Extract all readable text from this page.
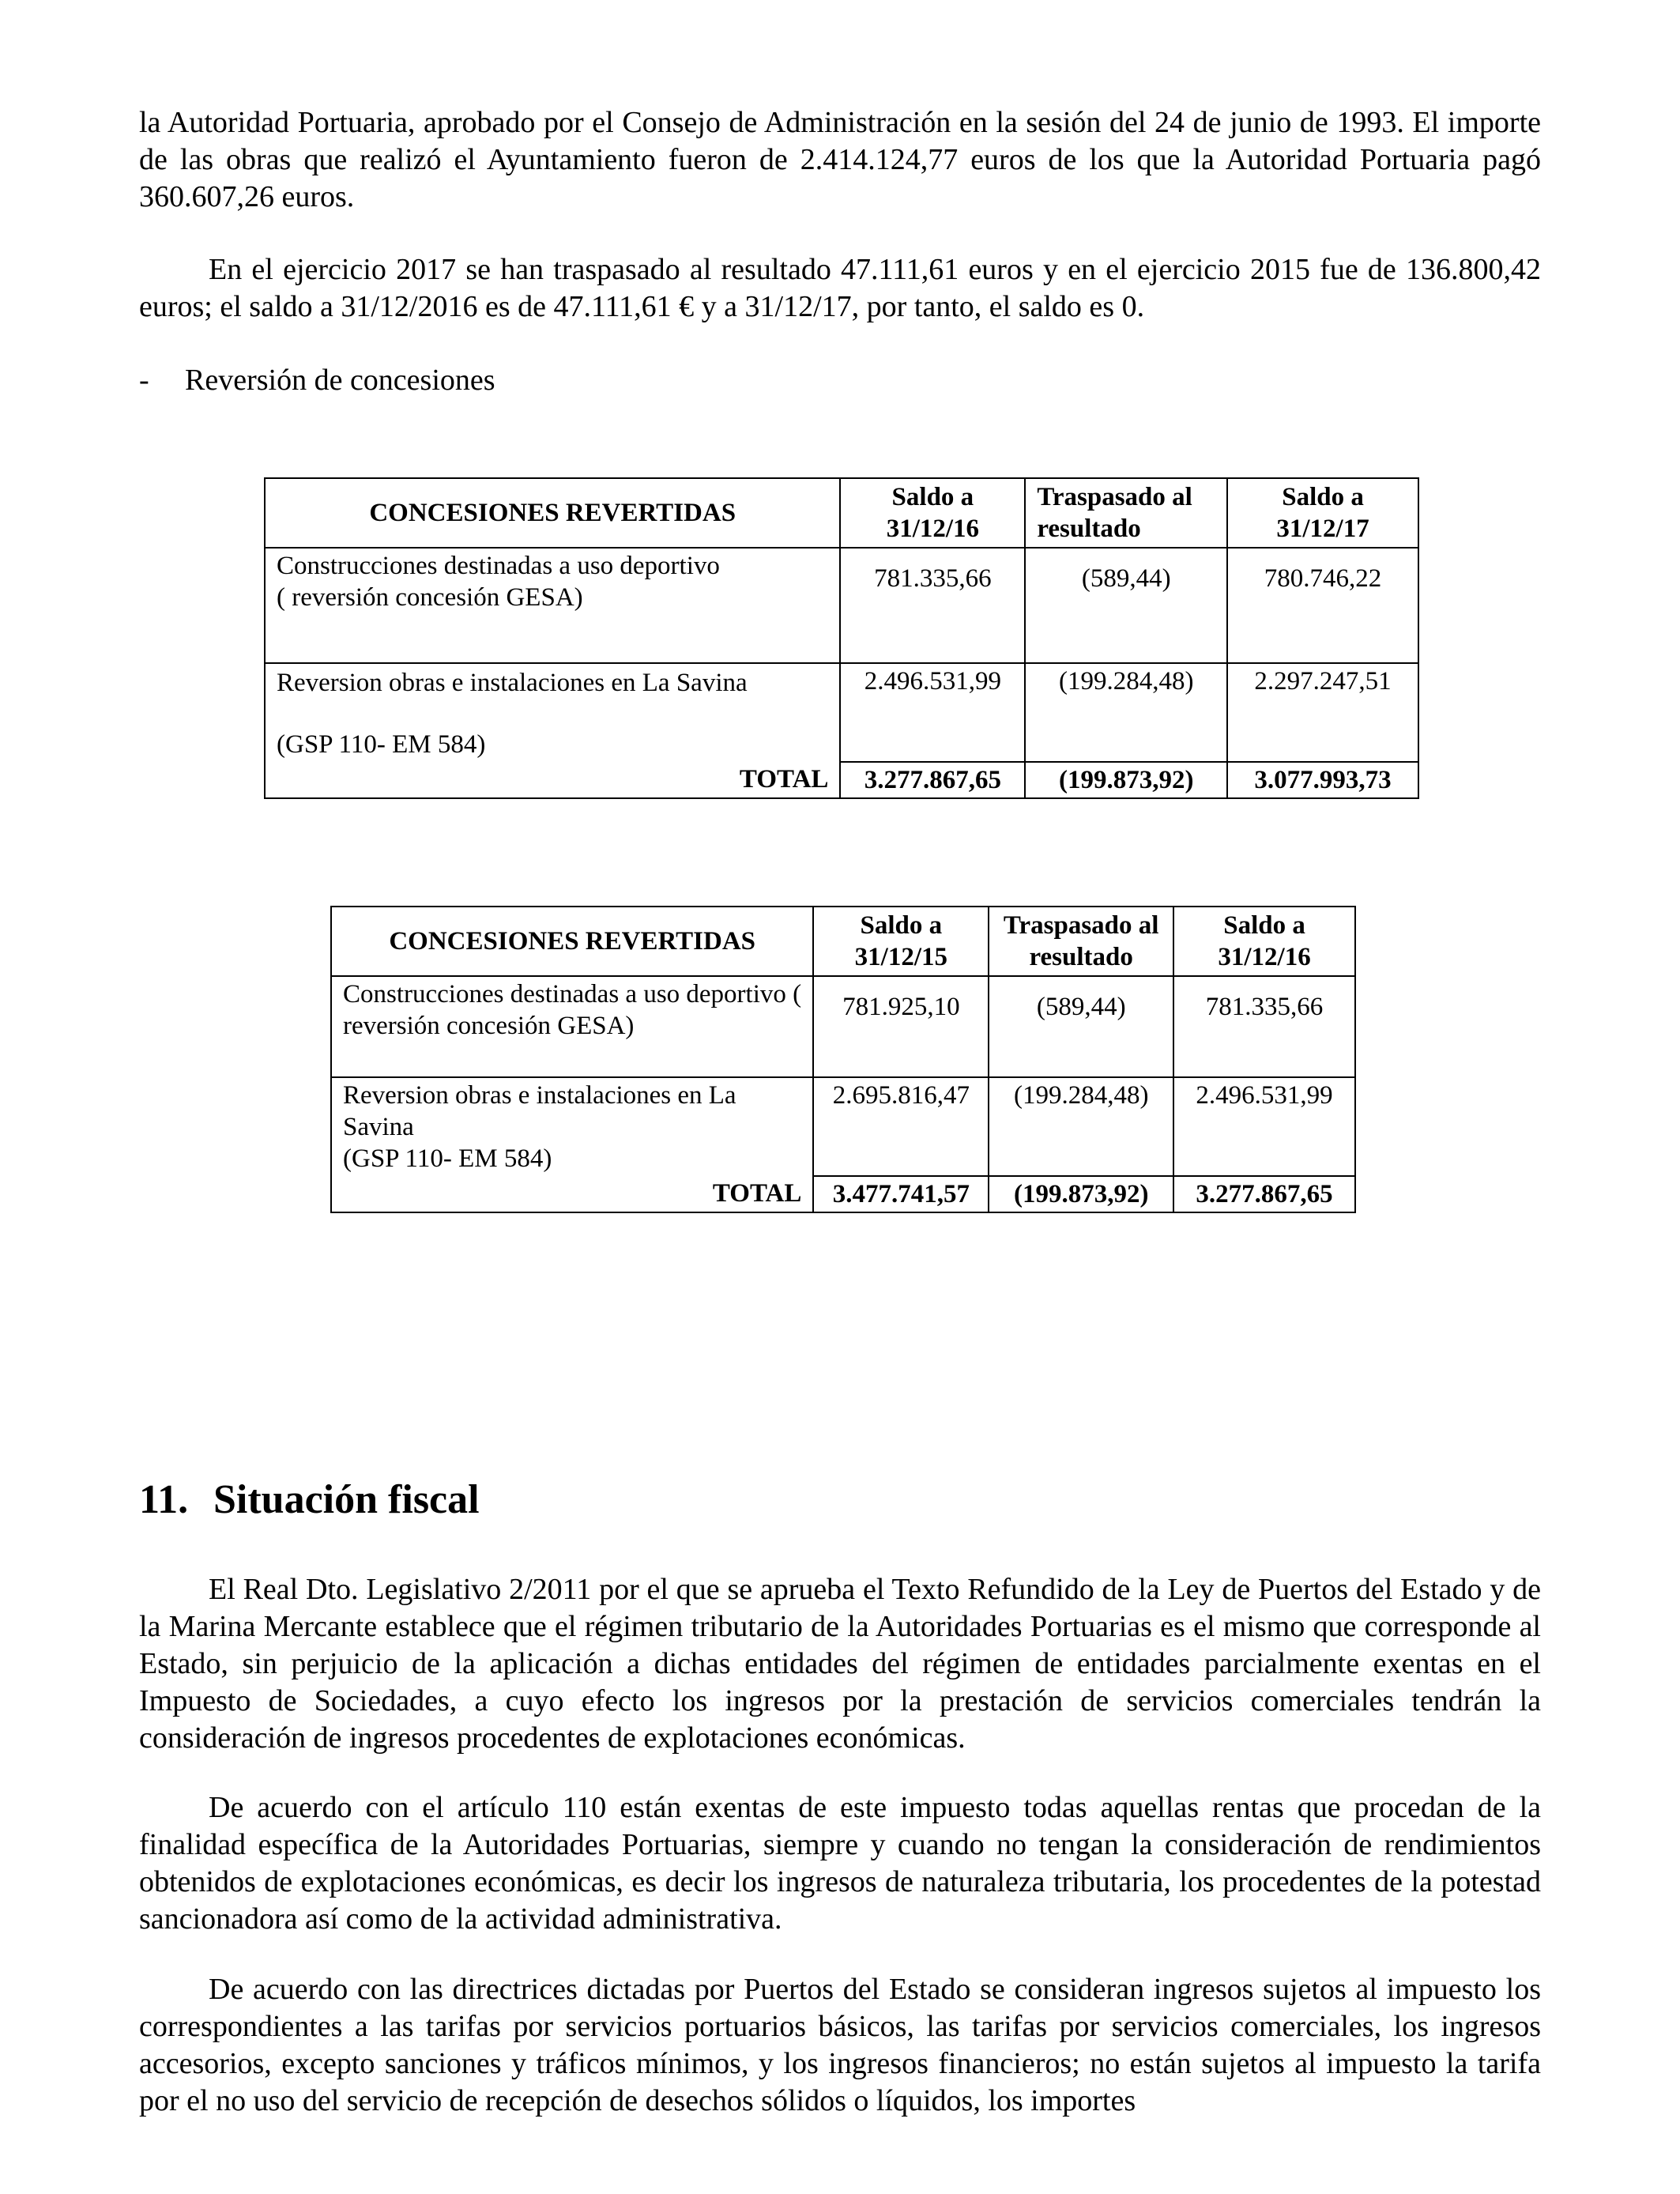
la Autoridad Portuaria, aprobado por el Consejo de Administración en la sesión del 24 de junio de 1993. El importe de las obras que realizó el Ayuntamiento fueron de 2.414.124,77 euros de los que la Autoridad Portuaria pagó 360.607,26 euros.

En el ejercicio 2017 se han traspasado al resultado 47.111,61 euros y en el ejercicio 2015 fue de 136.800,42 euros; el saldo a 31/12/2016 es de 47.111,61 € y a 31/12/17, por tanto, el saldo es 0.

- Reversión de concesiones
CONCESIONES REVERTIDAS	Saldo a 31/12/16	Traspasado al resultado	Saldo a 31/12/17

Construcciones destinadas a uso deportivo
( reversión concesión GESA)	781.335,66	(589,44)	780.746,22

Reversion obras e instalaciones en La Savina
(GSP 110- EM 584)	2.496.531,99	(199.284,48)	2.297.247,51
TOTAL	3.277.867,65	(199.873,92)	3.077.993,73
CONCESIONES REVERTIDAS	Saldo a 31/12/15	Traspasado al resultado	Saldo a 31/12/16

Construcciones destinadas a uso deportivo ( reversión concesión GESA)	781.925,10	(589,44)	781.335,66

Reversion obras e instalaciones en La Savina
(GSP 110- EM 584)	2.695.816,47	(199.284,48)	2.496.531,99
TOTAL	3.477.741,57	(199.873,92)	3.277.867,65
11. Situación fiscal

El Real Dto. Legislativo 2/2011 por el que se aprueba el Texto Refundido de la Ley de Puertos del Estado y de la Marina Mercante establece que el régimen tributario de la Autoridades Portuarias es el mismo que corresponde al Estado, sin perjuicio de la aplicación a dichas entidades del régimen de entidades parcialmente exentas en el Impuesto de Sociedades, a cuyo efecto los ingresos por la prestación de servicios comerciales tendrán la consideración de ingresos procedentes de explotaciones económicas.

De acuerdo con el artículo 110 están exentas de este impuesto todas aquellas rentas que procedan de la finalidad específica de la Autoridades Portuarias, siempre y cuando no tengan la consideración de rendimientos obtenidos de explotaciones económicas, es decir los ingresos de naturaleza tributaria, los procedentes de la potestad sancionadora así como de la actividad administrativa.

De acuerdo con las directrices dictadas por Puertos del Estado se consideran ingresos sujetos al impuesto los correspondientes a las tarifas por servicios portuarios básicos, las tarifas por servicios comerciales, los ingresos accesorios, excepto sanciones y tráficos mínimos, y los ingresos financieros; no están sujetos al impuesto la tarifa por el no uso del servicio de recepción de desechos sólidos o líquidos, los importes
